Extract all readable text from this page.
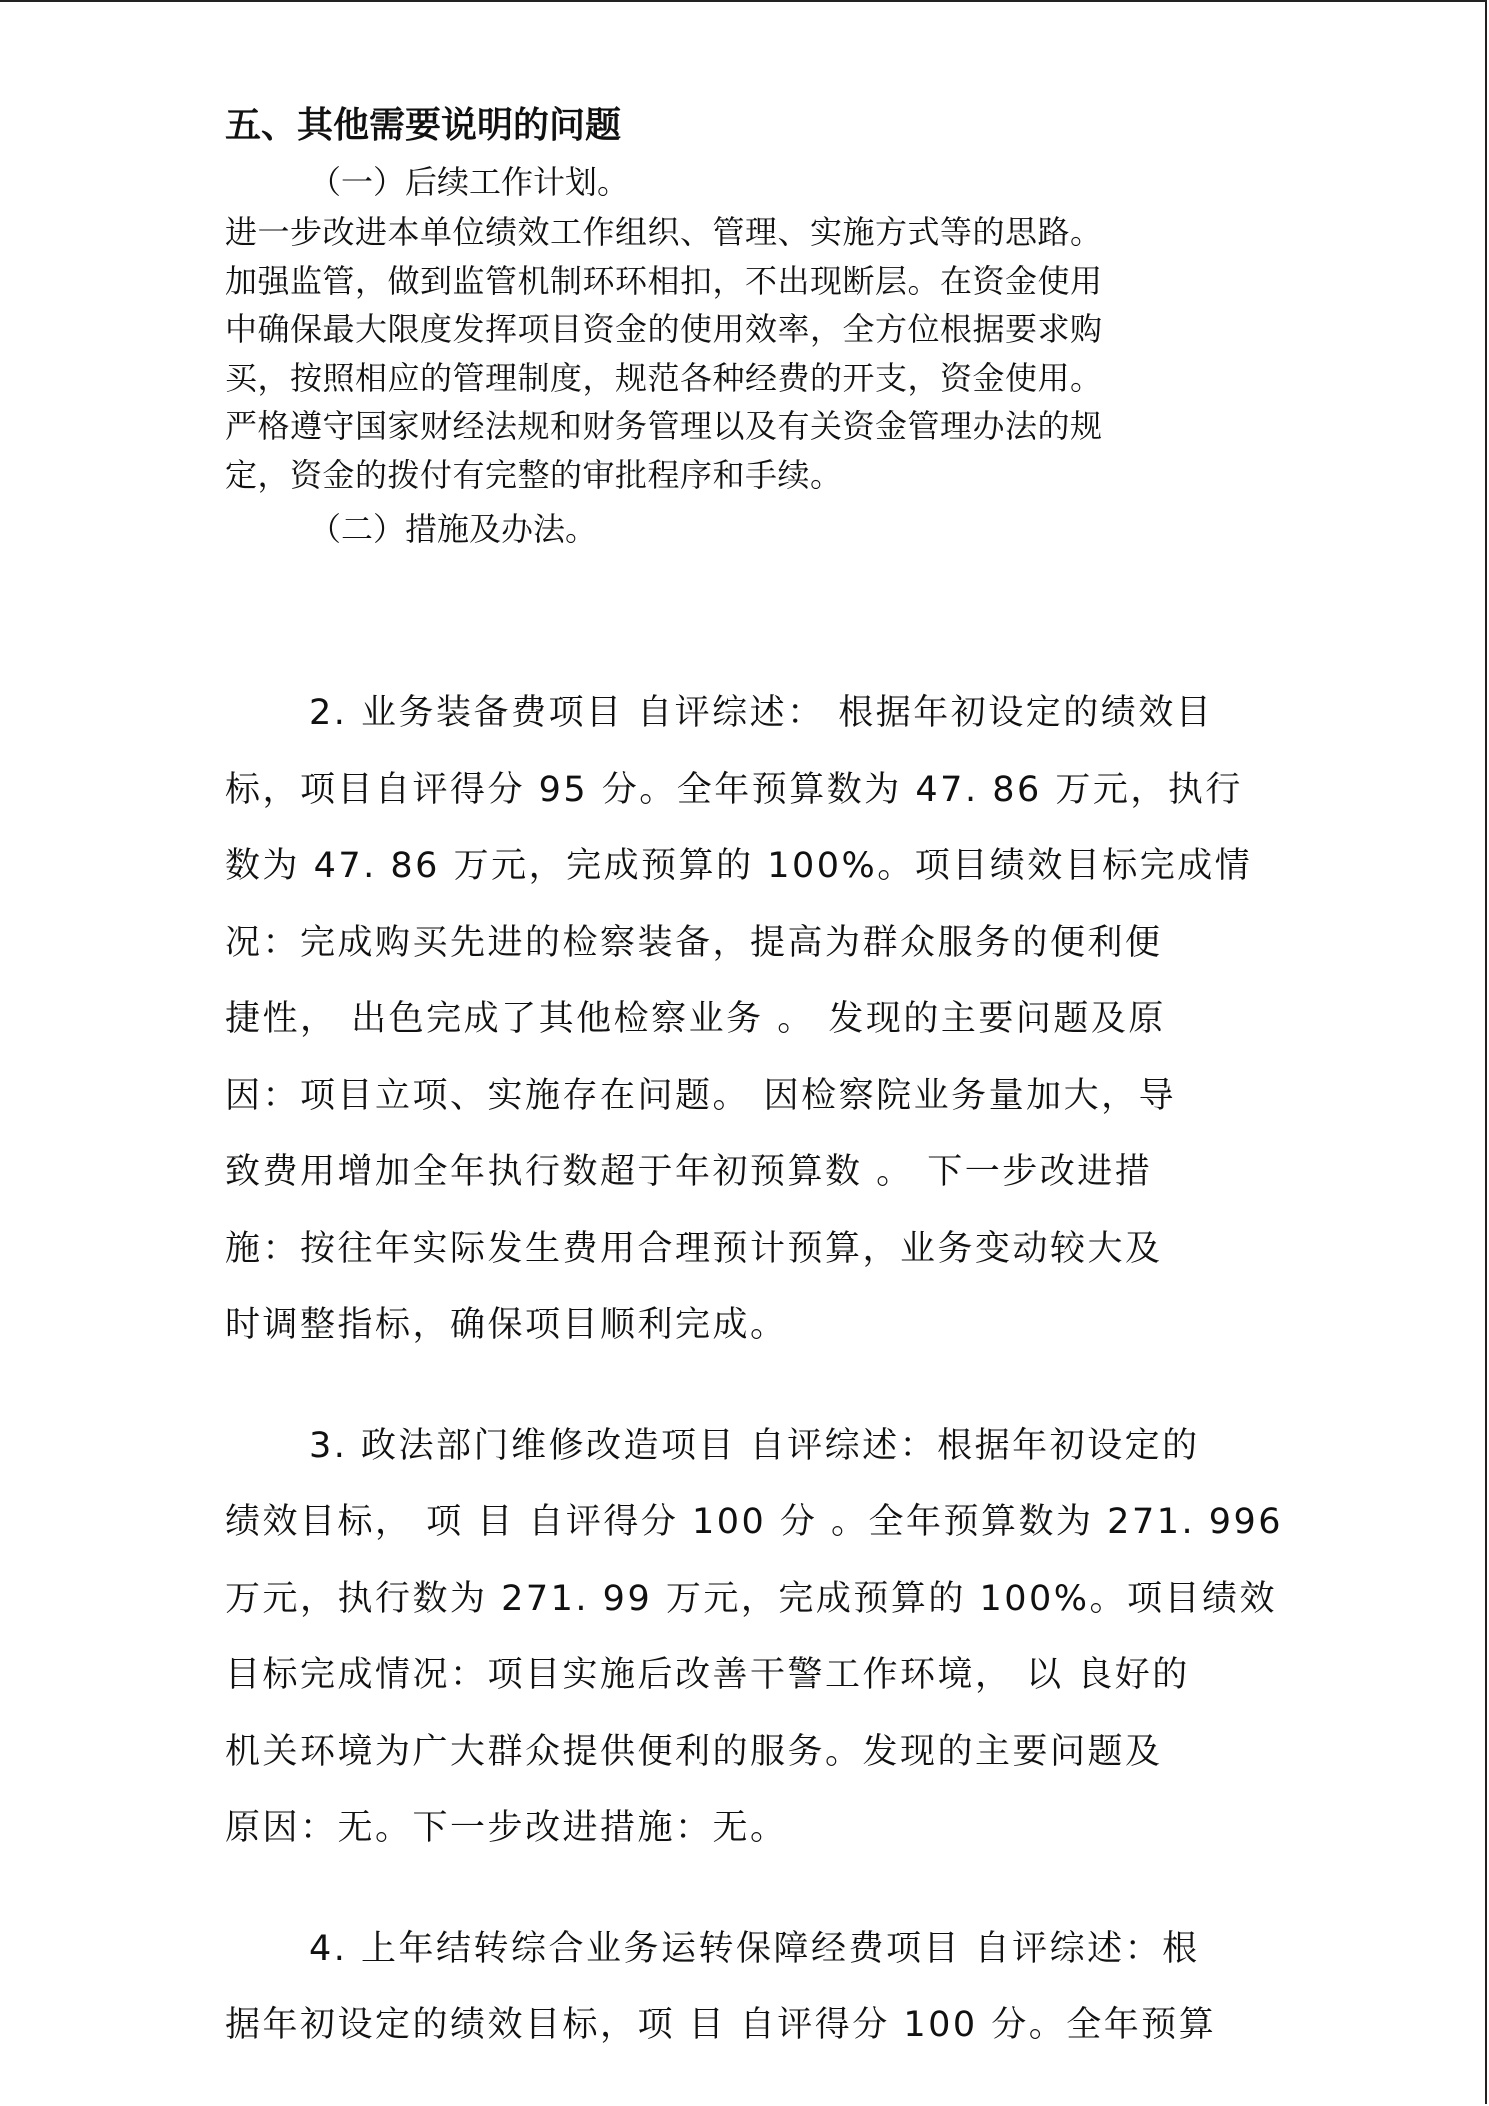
五、其他需要说明的问题

（一）后续工作计划。

进一步改进本单位绩效工作组织、管理、实施方式等的思路。
加强监管，做到监管机制环环相扣，不出现断层。在资金使用
中确保最大限度发挥项目资金的使用效率，全方位根据要求购
买，按照相应的管理制度，规范各种经费的开支，资金使用。
严格遵守国家财经法规和财务管理以及有关资金管理办法的规
定，资金的拨付有完整的审批程序和手续。

（二）措施及办法。

2. 业务装备费项目 自评综述： 根据年初设定的绩效目
标，项目自评得分 95 分。全年预算数为 47. 86 万元，执行
数为 47. 86 万元，完成预算的 100%。项目绩效目标完成情
况：完成购买先进的检察装备，提高为群众服务的便利便
捷性， 出色完成了其他检察业务 。 发现的主要问题及原
因：项目立项、实施存在问题。 因检察院业务量加大，导
致费用增加全年执行数超于年初预算数 。 下一步改进措
施：按往年实际发生费用合理预计预算，业务变动较大及
时调整指标，确保项目顺利完成。

3. 政法部门维修改造项目 自评综述：根据年初设定的
绩效目标， 项 目 自评得分 100 分 。全年预算数为 271. 996
万元，执行数为 271. 99 万元，完成预算的 100%。项目绩效
目标完成情况：项目实施后改善干警工作环境， 以 良好的
机关环境为广大群众提供便利的服务。发现的主要问题及
原因：无。下一步改进措施：无。

4. 上年结转综合业务运转保障经费项目 自评综述：根
据年初设定的绩效目标，项 目 自评得分 100 分。全年预算
